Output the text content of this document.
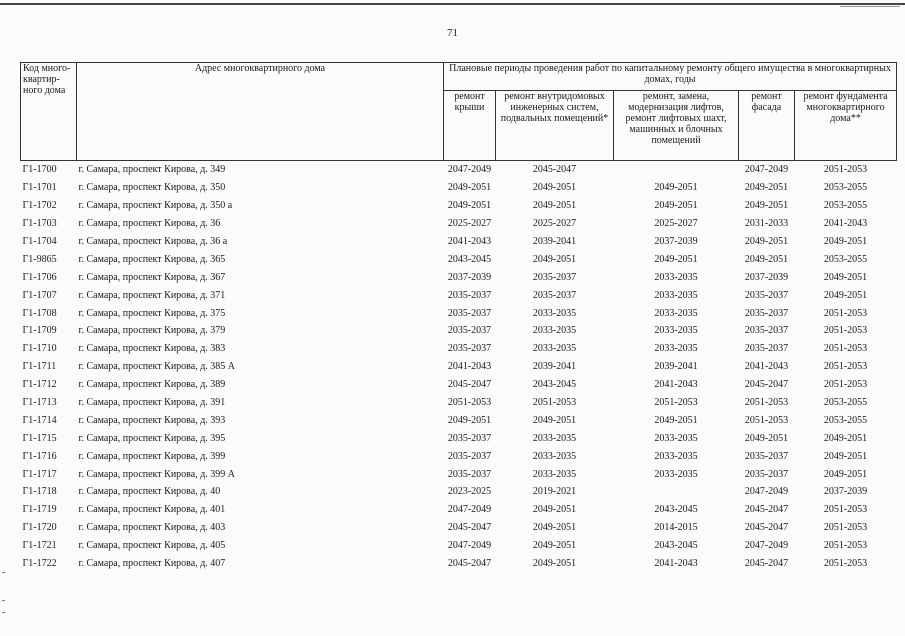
71
Код много-квартир-ного дома	Адрес многоквартирного дома	Плановые периоды проведения работ по капитальному ремонту общего имущества в многоквартирных домах, годы				
		ремонт крыши	ремонт внутридомовых инженерных систем, подвальных помещений*	ремонт, замена, модернизация лифтов, ремонт лифтовых шахт, машинных и блочных помещений	ремонт фасада	ремонт фундамента многоквартирного дома**
Г1-1700	г. Самара, проспект Кирова, д. 349	2047-2049	2045-2047		2047-2049	2051-2053
Г1-1701	г. Самара, проспект Кирова, д. 350	2049-2051	2049-2051	2049-2051	2049-2051	2053-2055
Г1-1702	г. Самара, проспект Кирова, д. 350 а	2049-2051	2049-2051	2049-2051	2049-2051	2053-2055
Г1-1703	г. Самара, проспект Кирова, д. 36	2025-2027	2025-2027	2025-2027	2031-2033	2041-2043
Г1-1704	г. Самара, проспект Кирова, д. 36 а	2041-2043	2039-2041	2037-2039	2049-2051	2049-2051
Г1-9865	г. Самара, проспект Кирова, д. 365	2043-2045	2049-2051	2049-2051	2049-2051	2053-2055
Г1-1706	г. Самара, проспект Кирова, д. 367	2037-2039	2035-2037	2033-2035	2037-2039	2049-2051
Г1-1707	г. Самара, проспект Кирова, д. 371	2035-2037	2035-2037	2033-2035	2035-2037	2049-2051
Г1-1708	г. Самара, проспект Кирова, д. 375	2035-2037	2033-2035	2033-2035	2035-2037	2051-2053
Г1-1709	г. Самара, проспект Кирова, д. 379	2035-2037	2033-2035	2033-2035	2035-2037	2051-2053
Г1-1710	г. Самара, проспект Кирова, д. 383	2035-2037	2033-2035	2033-2035	2035-2037	2051-2053
Г1-1711	г. Самара, проспект Кирова, д. 385 А	2041-2043	2039-2041	2039-2041	2041-2043	2051-2053
Г1-1712	г. Самара, проспект Кирова, д. 389	2045-2047	2043-2045	2041-2043	2045-2047	2051-2053
Г1-1713	г. Самара, проспект Кирова, д. 391	2051-2053	2051-2053	2051-2053	2051-2053	2053-2055
Г1-1714	г. Самара, проспект Кирова, д. 393	2049-2051	2049-2051	2049-2051	2051-2053	2053-2055
Г1-1715	г. Самара, проспект Кирова, д. 395	2035-2037	2033-2035	2033-2035	2049-2051	2049-2051
Г1-1716	г. Самара, проспект Кирова, д. 399	2035-2037	2033-2035	2033-2035	2035-2037	2049-2051
Г1-1717	г. Самара, проспект Кирова, д. 399 А	2035-2037	2033-2035	2033-2035	2035-2037	2049-2051
Г1-1718	г. Самара, проспект Кирова, д. 40	2023-2025	2019-2021		2047-2049	2037-2039
Г1-1719	г. Самара, проспект Кирова, д. 401	2047-2049	2049-2051	2043-2045	2045-2047	2051-2053
Г1-1720	г. Самара, проспект Кирова, д. 403	2045-2047	2049-2051	2014-2015	2045-2047	2051-2053
Г1-1721	г. Самара, проспект Кирова, д. 405	2047-2049	2049-2051	2043-2045	2047-2049	2051-2053
Г1-1722	г. Самара, проспект Кирова, д. 407	2045-2047	2049-2051	2041-2043	2045-2047	2051-2053
